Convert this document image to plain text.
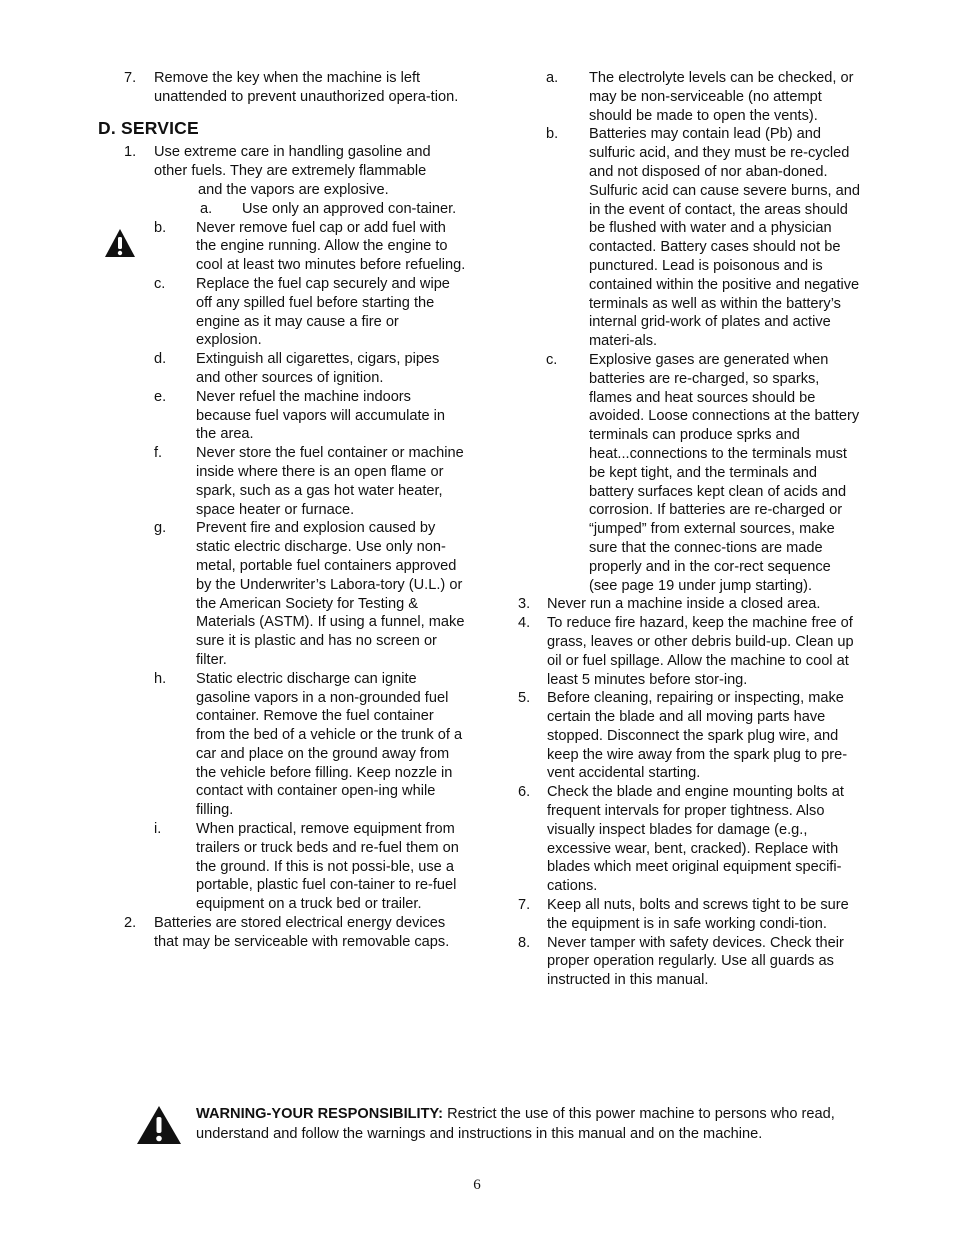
7. Remove the key when the machine is left unattended to prevent unauthorized opera-tion.
D. SERVICE
1. Use extreme care in handling gasoline and
other fuels. They are extremely flammable
and the vapors are explosive.
a. Use only an approved con-tainer.
b. Never remove fuel cap or add fuel with the engine running. Allow the engine to cool at least two minutes before refueling.
c. Replace the fuel cap securely and wipe off any spilled fuel before starting the engine as it may cause a fire or explosion.
d. Extinguish all cigarettes, cigars, pipes and other sources of ignition.
e. Never refuel the machine indoors because fuel vapors will accumulate in the area.
f. Never store the fuel container or machine inside where there is an open flame or spark, such as a gas hot water heater, space heater or furnace.
g. Prevent fire and explosion caused by static electric discharge. Use only non-metal, portable fuel containers approved by the Underwriter’s Labora-tory (U.L.) or the American Society for Testing & Materials (ASTM). If using a funnel, make sure it is plastic and has no screen or filter.
h. Static electric discharge can ignite gasoline vapors in a non-grounded fuel container. Remove the fuel container from the bed of a vehicle or the trunk of a car and place on the ground away from the vehicle before filling. Keep nozzle in contact with container open-ing while filling.
i. When practical, remove equipment from trailers or truck beds and re-fuel them on the ground. If this is not possi-ble, use a portable, plastic fuel con-tainer to re-fuel equipment on a truck bed or trailer.
2. Batteries are stored electrical energy devices that may be serviceable with removable caps.
a. The electrolyte levels can be checked, or may be non-serviceable (no attempt should be made to open the vents).
b. Batteries may contain lead (Pb) and sulfuric acid, and they must be re-cycled and not disposed of nor aban-doned. Sulfuric acid can cause severe burns, and in the event of contact, the areas should be flushed with water and a physician contacted. Battery cases should not be punctured. Lead is poisonous and is contained within the positive and negative terminals as well as within the battery’s internal grid-work of plates and active materi-als.
c. Explosive gases are generated when batteries are re-charged, so sparks, flames and heat sources should be avoided. Loose connections at the battery terminals can produce sprks and heat...connections to the terminals must be kept tight, and the terminals and battery surfaces kept clean of acids and corrosion. If batteries are re-charged or “jumped” from external sources, make sure that the connec-tions are made properly and in the cor-rect sequence (see page 19 under jump starting).
3. Never run a machine inside a closed area.
4. To reduce fire hazard, keep the machine free of grass, leaves or other debris build-up. Clean up oil or fuel spillage. Allow the machine to cool at least 5 minutes before stor-ing.
5. Before cleaning, repairing or inspecting, make certain the blade and all moving parts have stopped. Disconnect the spark plug wire, and keep the wire away from the spark plug to pre-vent accidental starting.
6. Check the blade and engine mounting bolts at frequent intervals for proper tightness. Also visually inspect blades for damage (e.g., excessive wear, bent, cracked). Replace with blades which meet original equipment specifi-cations.
7. Keep all nuts, bolts and screws tight to be sure the equipment is in safe working condi-tion.
8. Never tamper with safety devices. Check their proper operation regularly. Use all guards as instructed in this manual.
WARNING-YOUR RESPONSIBILITY: Restrict the use of this power machine to persons who read, understand and follow the warnings and instructions in this manual and on the machine.
6
